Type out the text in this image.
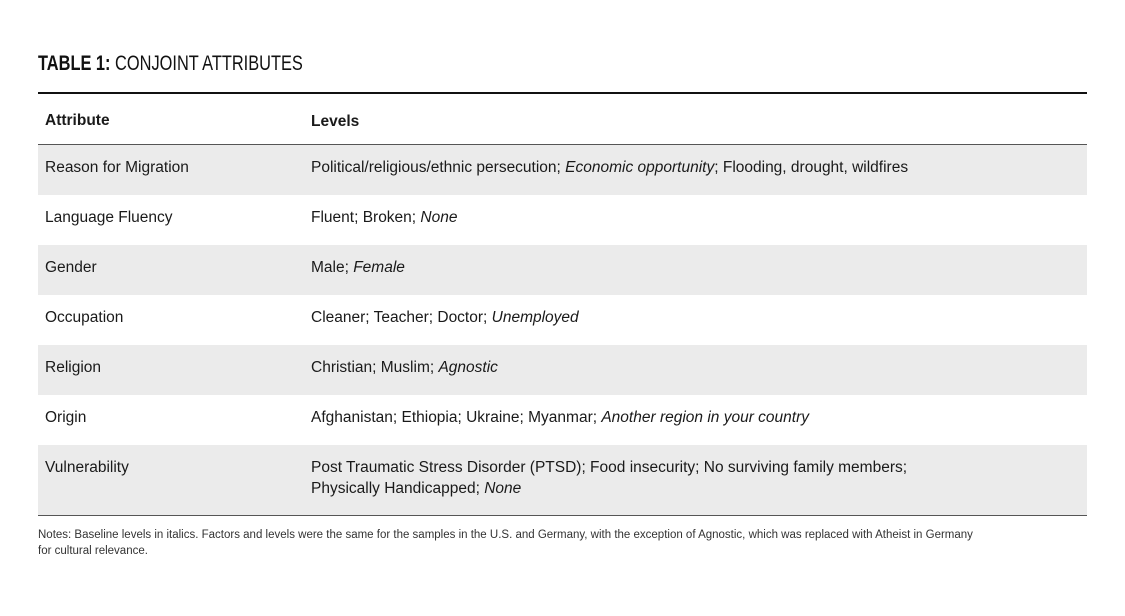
TABLE 1: CONJOINT ATTRIBUTES
Attribute	Levels
Reason for Migration	Political/religious/ethnic persecution; Economic opportunity; Flooding, drought, wildfires
Language Fluency	Fluent; Broken; None
Gender	Male; Female
Occupation	Cleaner; Teacher; Doctor; Unemployed
Religion	Christian; Muslim; Agnostic
Origin	Afghanistan; Ethiopia; Ukraine; Myanmar; Another region in your country
Vulnerability	Post Traumatic Stress Disorder (PTSD); Food insecurity; No surviving family members;
Physically Handicapped; None
Notes: Baseline levels in italics. Factors and levels were the same for the samples in the U.S. and Germany, with the exception of Agnostic, which was replaced with Atheist in Germany for cultural relevance.
